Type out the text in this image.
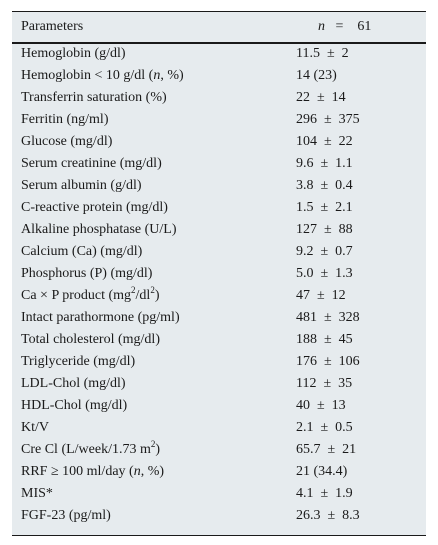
Parameters	n = 61
Hemoglobin (g/dl)	11.5  ±  2
Hemoglobin < 10 g/dl (n, %)	14 (23)
Transferrin saturation (%)	22  ±  14
Ferritin (ng/ml)	296  ±  375
Glucose (mg/dl)	104  ±  22
Serum creatinine (mg/dl)	9.6  ±  1.1
Serum albumin (g/dl)	3.8  ±  0.4
C-reactive protein (mg/dl)	1.5  ±  2.1
Alkaline phosphatase (U/L)	127  ±  88
Calcium (Ca) (mg/dl)	9.2  ±  0.7
Phosphorus (P) (mg/dl)	5.0  ±  1.3
Ca × P product $(mg^2/dl^2)$	47  ±  12
Intact parathormone (pg/ml)	481  ±  328
Total cholesterol (mg/dl)	188  ±  45
Triglyceride (mg/dl)	176  ±  106
LDL-Chol (mg/dl)	112  ±  35
HDL-Chol (mg/dl)	40  ±  13
Kt/V	2.1  ±  0.5
Cre Cl (L/week/1.73 $m^2$)	65.7  ±  21
RRF ≥ 100 ml/day (n, %)	21 (34.4)
MIS*	4.1  ±  1.9
FGF-23 (pg/ml)	26.3  ±  8.3
